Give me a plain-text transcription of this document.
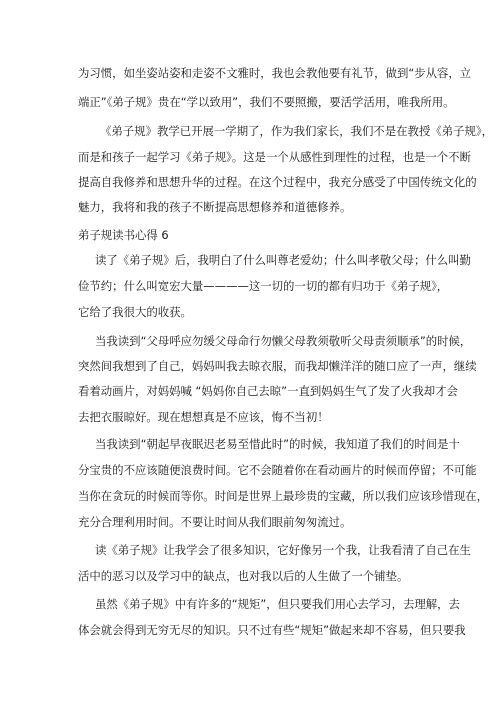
为习惯，如坐姿站姿和走姿不文雅时，我也会教他要有礼节，做到“步从容，立
端正”《弟子规》贵在“学以致用”，我们不要照搬，要活学活用，唯我所用。
《弟子规》教学已开展一学期了，作为我们家长，我们不是在教授《弟子规》，
而是和孩子一起学习《弟子规》。这是一个从感性到理性的过程，也是一个不断
提高自我修养和思想升华的过程。在这个过程中，我充分感受了中国传统文化的
魅力，我将和我的孩子不断提高思想修养和道德修养。
弟子规读书心得 6
读了《弟子规》后，我明白了什么叫尊老爱幼；什么叫孝敬父母；什么叫勤
俭节约；什么叫宽宏大量————这一切的一切的都有归功于《弟子规》，
它给了我很大的收获。
当我读到“父母呼应勿缓父母命行勿懒父母教须敬听父母责须顺承”的时候，
突然间我想到了自己，妈妈叫我去晾衣服，而我却懒洋洋的随口应了一声，继续
看着动画片，对妈妈喊 “妈妈你自己去晾”一直到妈妈生气了发了火我却才会
去把衣服晾好。现在想想真是不应该，悔不当初！
当我读到“朝起早夜眠迟老易至惜此时”的时候，我知道了我们的时间是十
分宝贵的不应该随便浪费时间。它不会随着你在看动画片的时候而停留；不可能
当你在贪玩的时候而等你。时间是世界上最珍贵的宝藏，所以我们应该珍惜现在，
充分合理利用时间。不要让时间从我们眼前匆匆流过。
读《弟子规》让我学会了很多知识，它好像另一个我，让我看清了自己在生
活中的恶习以及学习中的缺点，也对我以后的人生做了一个铺垫。
虽然《弟子规》中有许多的“规矩”，但只要我们用心去学习，去理解，去
体会就会得到无穷无尽的知识。只不过有些“规矩”做起来却不容易，但只要我
